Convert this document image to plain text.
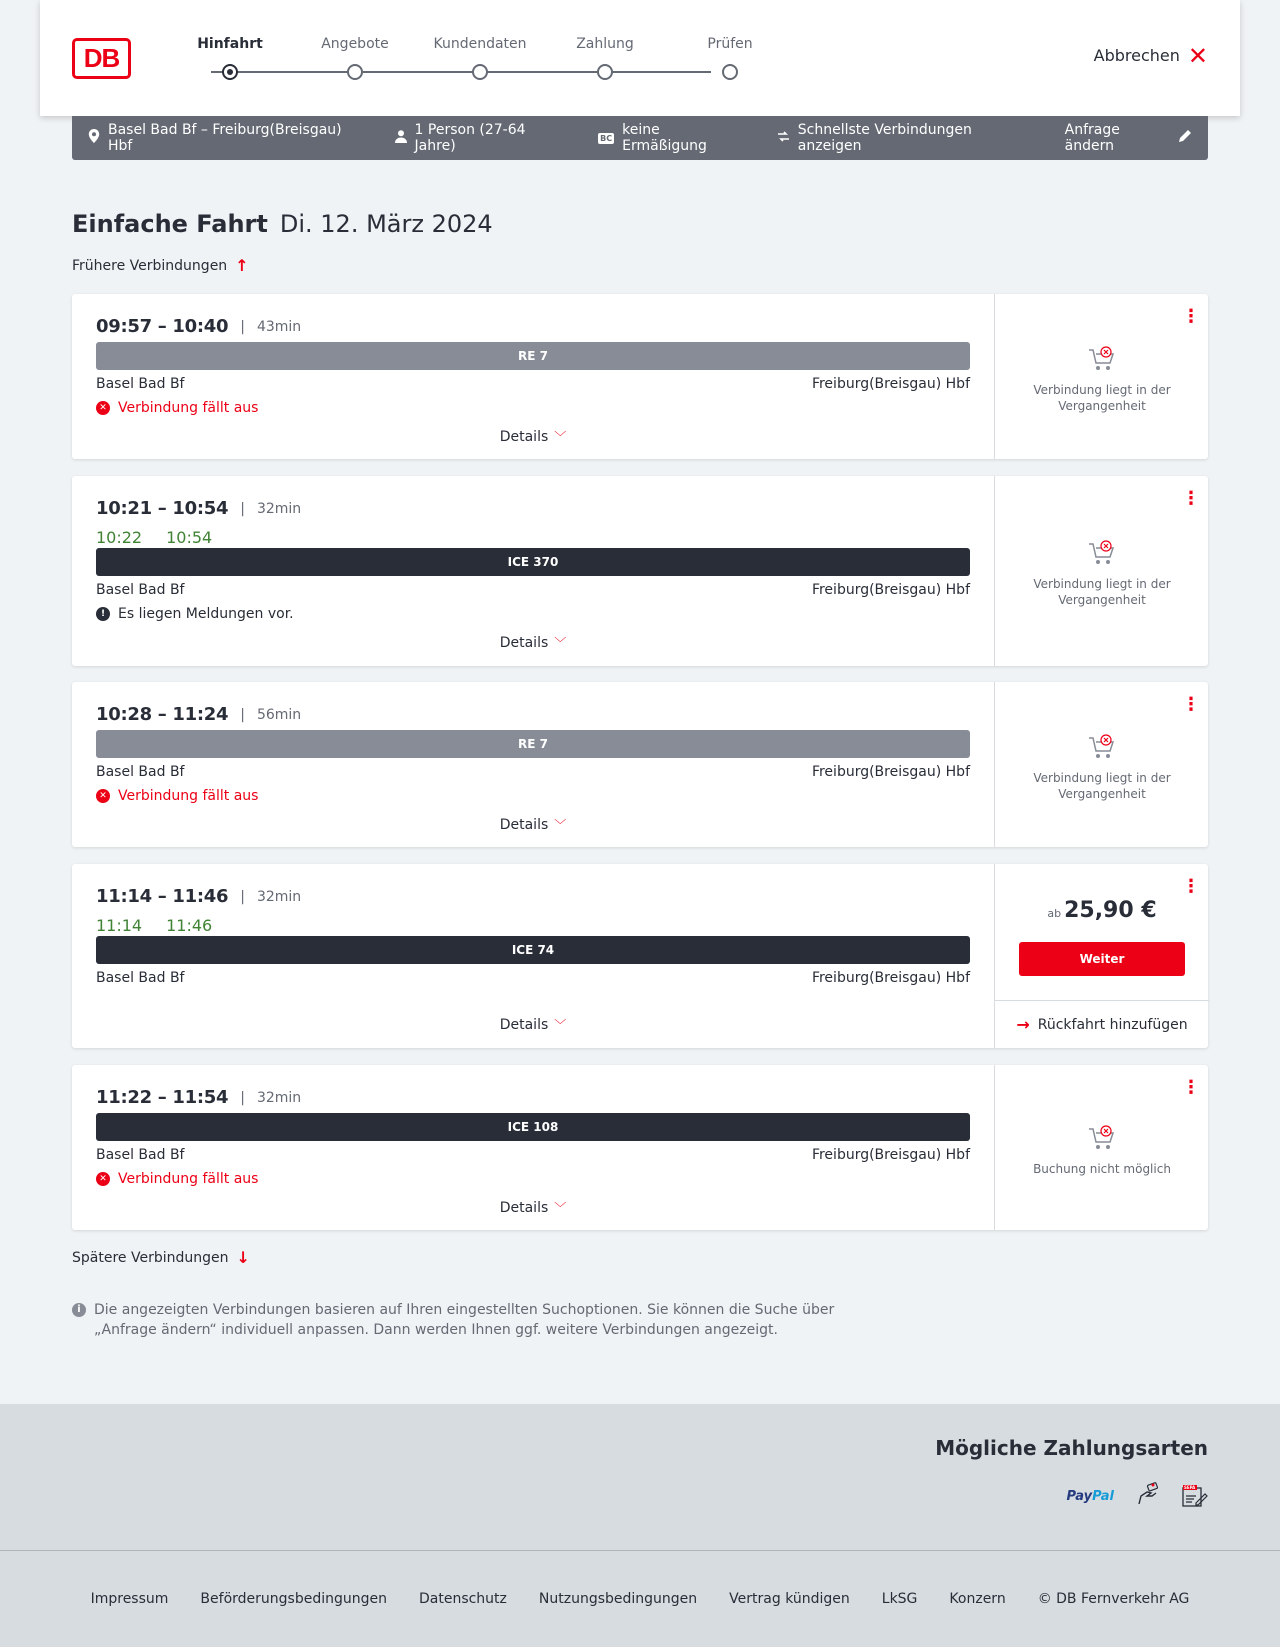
DB	Hinfahrt	Angebote	Kundendaten	Zahlung	Prüfen
Abbrechen ✕
Basel Bad Bf – Freiburg(Breisgau) Hbf
1 Person (27-64 Jahre)	BC keine Ermäßigung
Schnellste Verbindungen anzeigen
Anfrage ändern
Einfache Fahrt Di. 12. März 2024
Frühere Verbindungen ↑
09:57 – 10:40 | 43min
RE 7
Basel Bad Bf	Freiburg(Breisgau) Hbf
✕ Verbindung fällt aus
Details ﹀
⋮
Verbindung liegt in der Vergangenheit
10:21 – 10:54 | 32min
10:22 10:54
ICE 370
Basel Bad Bf	Freiburg(Breisgau) Hbf
! Es liegen Meldungen vor.
Details ﹀
⋮
Verbindung liegt in der Vergangenheit
10:28 – 11:24 | 56min
RE 7
Basel Bad Bf	Freiburg(Breisgau) Hbf
✕ Verbindung fällt aus
Details ﹀
⋮
Verbindung liegt in der Vergangenheit
11:14 – 11:46 | 32min
11:14 11:46
ICE 74
Basel Bad Bf	Freiburg(Breisgau) Hbf
Details ﹀
⋮
ab 25,90 €
Weiter
→ Rückfahrt hinzufügen
11:22 – 11:54 | 32min
ICE 108
Basel Bad Bf	Freiburg(Breisgau) Hbf
✕ Verbindung fällt aus
Details ﹀
⋮
Buchung nicht möglich
Spätere Verbindungen ↓
i Die angezeigten Verbindungen basieren auf Ihren eingestellten Suchoptionen. Sie können die Suche über „Anfrage ändern“ individuell anpassen. Dann werden Ihnen ggf. weitere Verbindungen angezeigt.
Mögliche Zahlungsarten
PayPal
SEPA
Impressum Beförderungsbedingungen Datenschutz Nutzungsbedingungen Vertrag kündigen LkSG Konzern © DB Fernverkehr AG
